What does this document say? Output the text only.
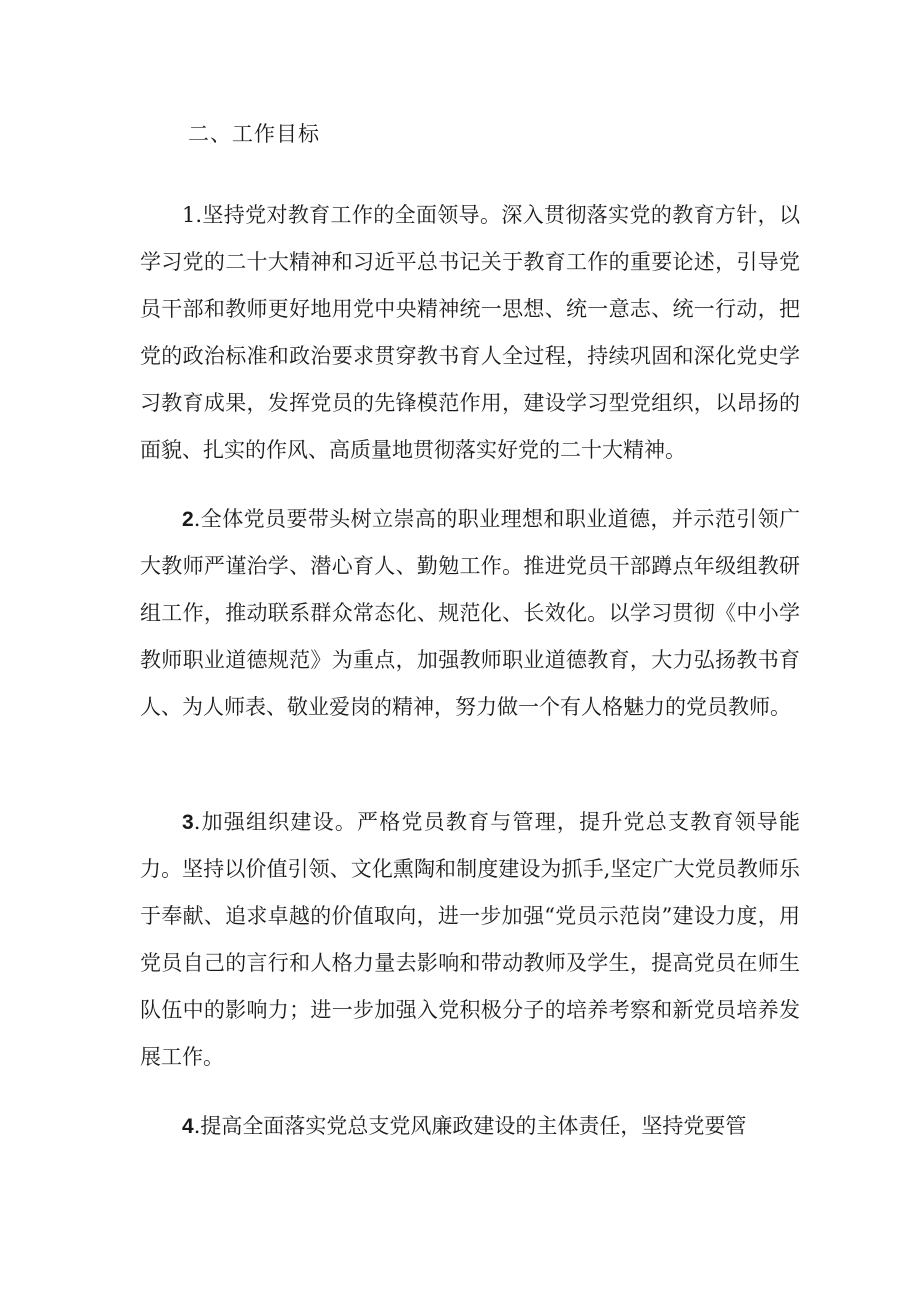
二、工作目标

1.坚持党对教育工作的全面领导。深入贯彻落实党的教育方针，以学习党的二十大精神和习近平总书记关于教育工作的重要论述，引导党员干部和教师更好地用党中央精神统一思想、统一意志、统一行动，把党的政治标准和政治要求贯穿教书育人全过程，持续巩固和深化党史学习教育成果，发挥党员的先锋模范作用，建设学习型党组织，以昂扬的面貌、扎实的作风、高质量地贯彻落实好党的二十大精神。

2.全体党员要带头树立崇高的职业理想和职业道德，并示范引领广大教师严谨治学、潜心育人、勤勉工作。推进党员干部蹲点年级组教研组工作，推动联系群众常态化、规范化、长效化。以学习贯彻《中小学教师职业道德规范》为重点，加强教师职业道德教育，大力弘扬教书育人、为人师表、敬业爱岗的精神，努力做一个有人格魅力的党员教师。

3.加强组织建设。严格党员教育与管理，提升党总支教育领导能力。坚持以价值引领、文化熏陶和制度建设为抓手,坚定广大党员教师乐于奉献、追求卓越的价值取向，进一步加强“党员示范岗”建设力度，用党员自己的言行和人格力量去影响和带动教师及学生，提高党员在师生队伍中的影响力；进一步加强入党积极分子的培养考察和新党员培养发展工作。

4.提高全面落实党总支党风廉政建设的主体责任，坚持党要管
